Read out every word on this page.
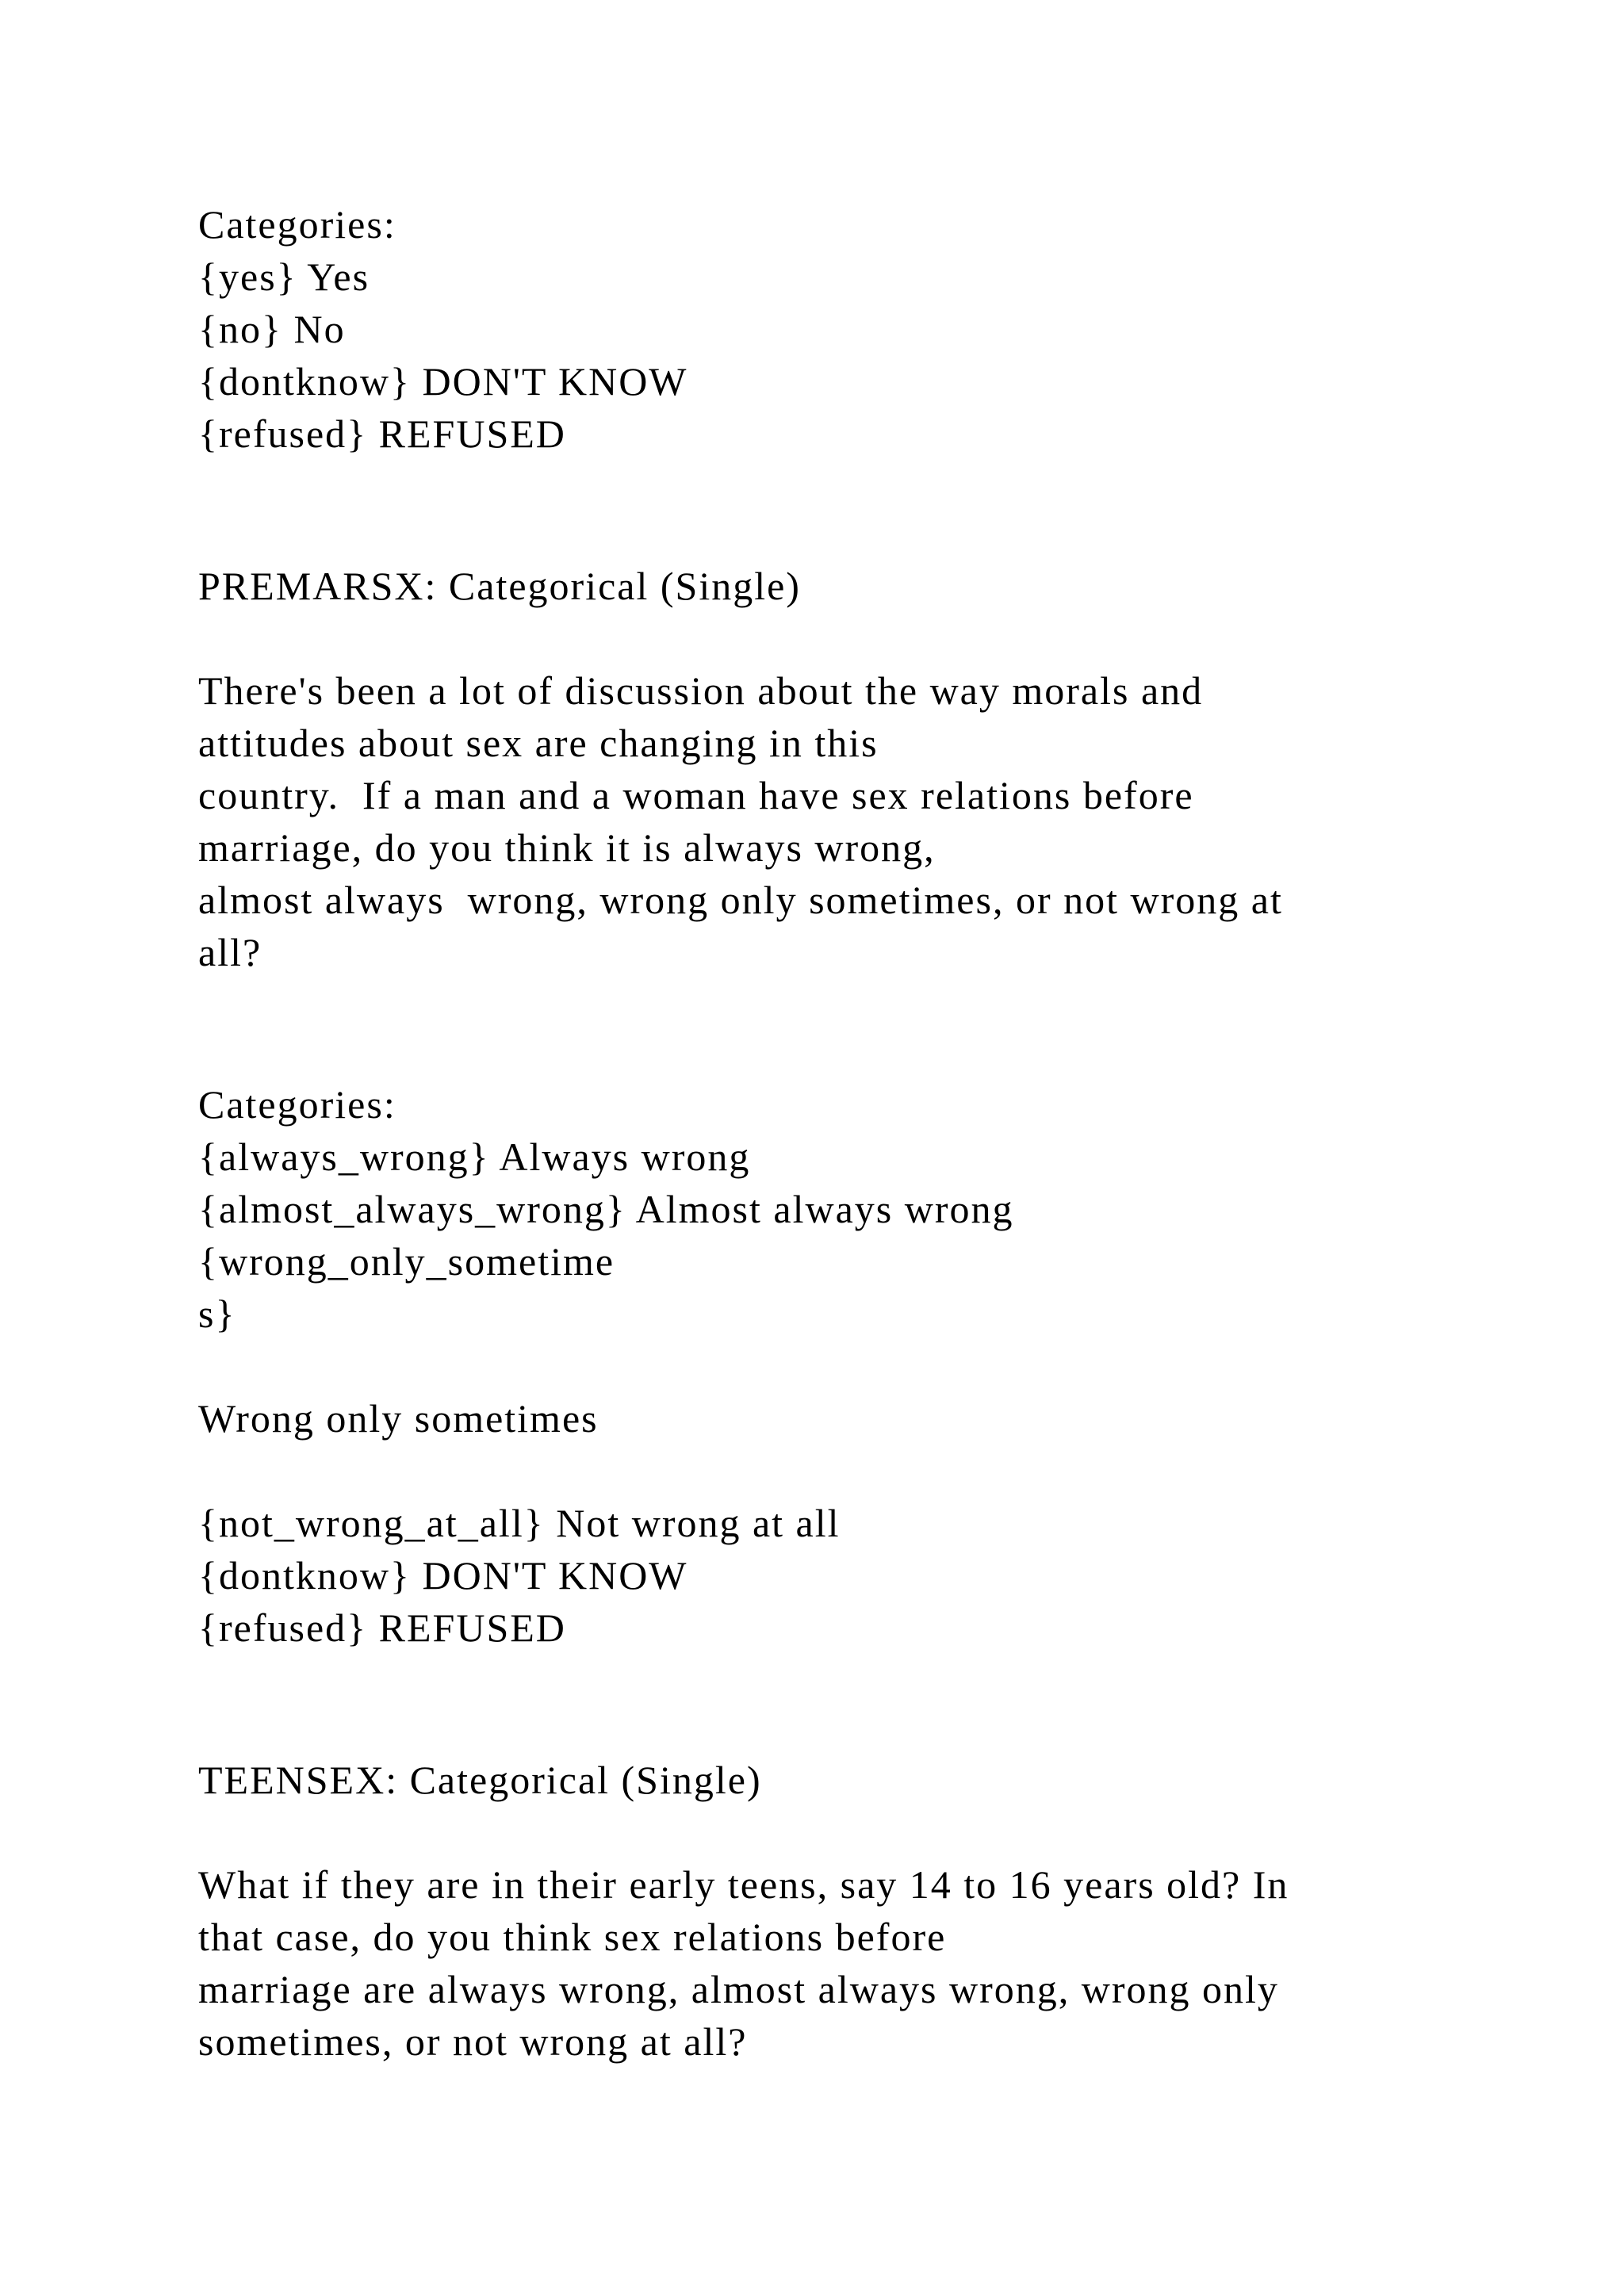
Categories:
{yes} Yes
{no} No
{dontknow} DON'T KNOW
{refused} REFUSED
PREMARSX: Categorical (Single)
There's been a lot of discussion about the way morals and
attitudes about sex are changing in this
country.  If a man and a woman have sex relations before
marriage, do you think it is always wrong,
almost always  wrong, wrong only sometimes, or not wrong at
all?
Categories:
{always_wrong} Always wrong
{almost_always_wrong} Almost always wrong
{wrong_only_sometime
s}
Wrong only sometimes
{not_wrong_at_all} Not wrong at all
{dontknow} DON'T KNOW
{refused} REFUSED
TEENSEX: Categorical (Single)
What if they are in their early teens, say 14 to 16 years old? In
that case, do you think sex relations before
marriage are always wrong, almost always wrong, wrong only
sometimes, or not wrong at all?
